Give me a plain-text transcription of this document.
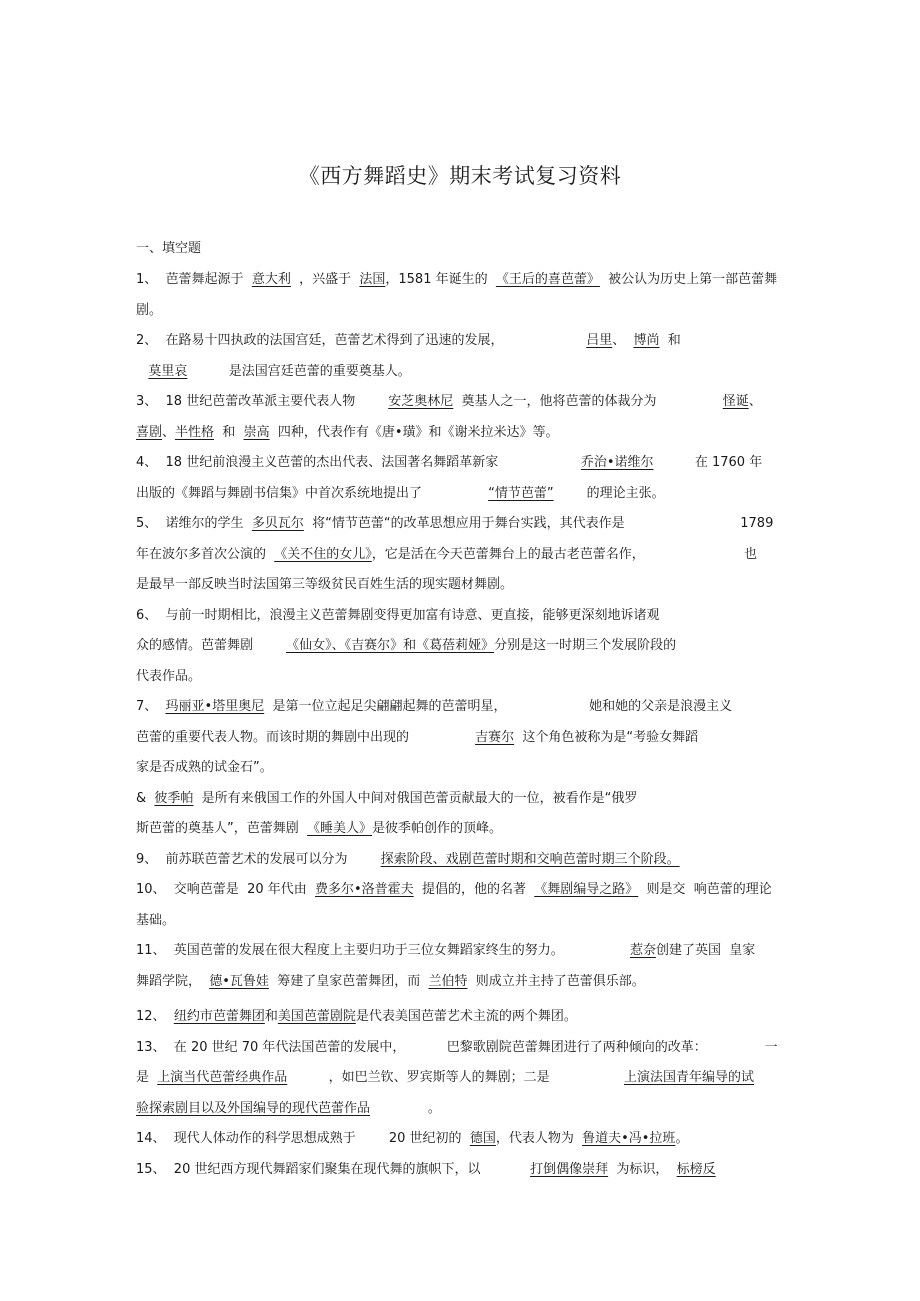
《西方舞蹈史》期末考试复习资料
一、填空题
1、  芭蕾舞起源于  意大利  ，兴盛于  法国，1581 年诞生的  《王后的喜芭蕾》  被公认为历史上第一部芭蕾舞
剧。
2、  在路易十四执政的法国宫廷，芭蕾艺术得到了迅速的发展，                    吕里、  博尚  和
莫里哀          是法国宫廷芭蕾的重要奠基人。
3、  18 世纪芭蕾改革派主要代表人物        安芝奥林尼  奠基人之一，他将芭蕾的体裁分为                怪诞、
喜剧、半性格  和  崇高  四种，代表作有《唐•璜》和《谢米拉米达》等。
4、  18 世纪前浪漫主义芭蕾的杰出代表、法国著名舞蹈革新家                    乔治•诺维尔          在 1760 年
出版的《舞蹈与舞剧书信集》中首次系统地提出了                “情节芭蕾”        的理论主张。
5、  诺维尔的学生  多贝瓦尔  将“情节芭蕾“的改革思想应用于舞台实践，其代表作是                            1789
年在波尔多首次公演的  《关不住的女儿》，它是活在今天芭蕾舞台上的最古老芭蕾名作，                        也
是最早一部反映当时法国第三等级贫民百姓生活的现实题材舞剧。
6、  与前一时期相比，浪漫主义芭蕾舞剧变得更加富有诗意、更直接，能够更深刻地诉诸观
众的感情。芭蕾舞剧        《仙女》、《吉赛尔》和《葛蓓莉娅》分别是这一时期三个发展阶段的
代表作品。
7、  玛丽亚•塔里奥尼  是第一位立起足尖翩翩起舞的芭蕾明星，                    她和她的父亲是浪漫主义
芭蕾的重要代表人物。而该时期的舞剧中出现的                吉赛尔  这个角色被称为是“考验女舞蹈
家是否成熟的试金石”。
&  彼季帕  是所有来俄国工作的外国人中间对俄国芭蕾贡献最大的一位，被看作是“俄罗
斯芭蕾的奠基人”，芭蕾舞剧  《睡美人》是彼季帕创作的顶峰。
9、  前苏联芭蕾艺术的发展可以分为        探索阶段、戏剧芭蕾时期和交响芭蕾时期三个阶段。
10、  交响芭蕾是  20 年代由  费多尔•洛普霍夫  提倡的，他的名著  《舞剧编导之路》  则是交  响芭蕾的理论
基础。
11、  英国芭蕾的发展在很大程度上主要归功于三位女舞蹈家终生的努力。                惹奈创建了英国  皇家
舞蹈学院，  德•瓦鲁娃  筹建了皇家芭蕾舞团，而  兰伯特  则成立并主持了芭蕾俱乐部。
12、  纽约市芭蕾舞团和美国芭蕾剧院是代表美国芭蕾艺术主流的两个舞团。
13、  在 20 世纪 70 年代法国芭蕾的发展中，          巴黎歌剧院芭蕾舞团进行了两种倾向的改革：              一
是  上演当代芭蕾经典作品          ，如巴兰钦、罗宾斯等人的舞剧；二是                  上演法国青年编导的试
验探索剧目以及外国编导的现代芭蕾作品              。
14、  现代人体动作的科学思想成熟于        20 世纪初的  德国，代表人物为  鲁道夫•冯•拉班。
15、  20 世纪西方现代舞蹈家们聚集在现代舞的旗帜下，以            打倒偶像崇拜  为标识，  标榜反
